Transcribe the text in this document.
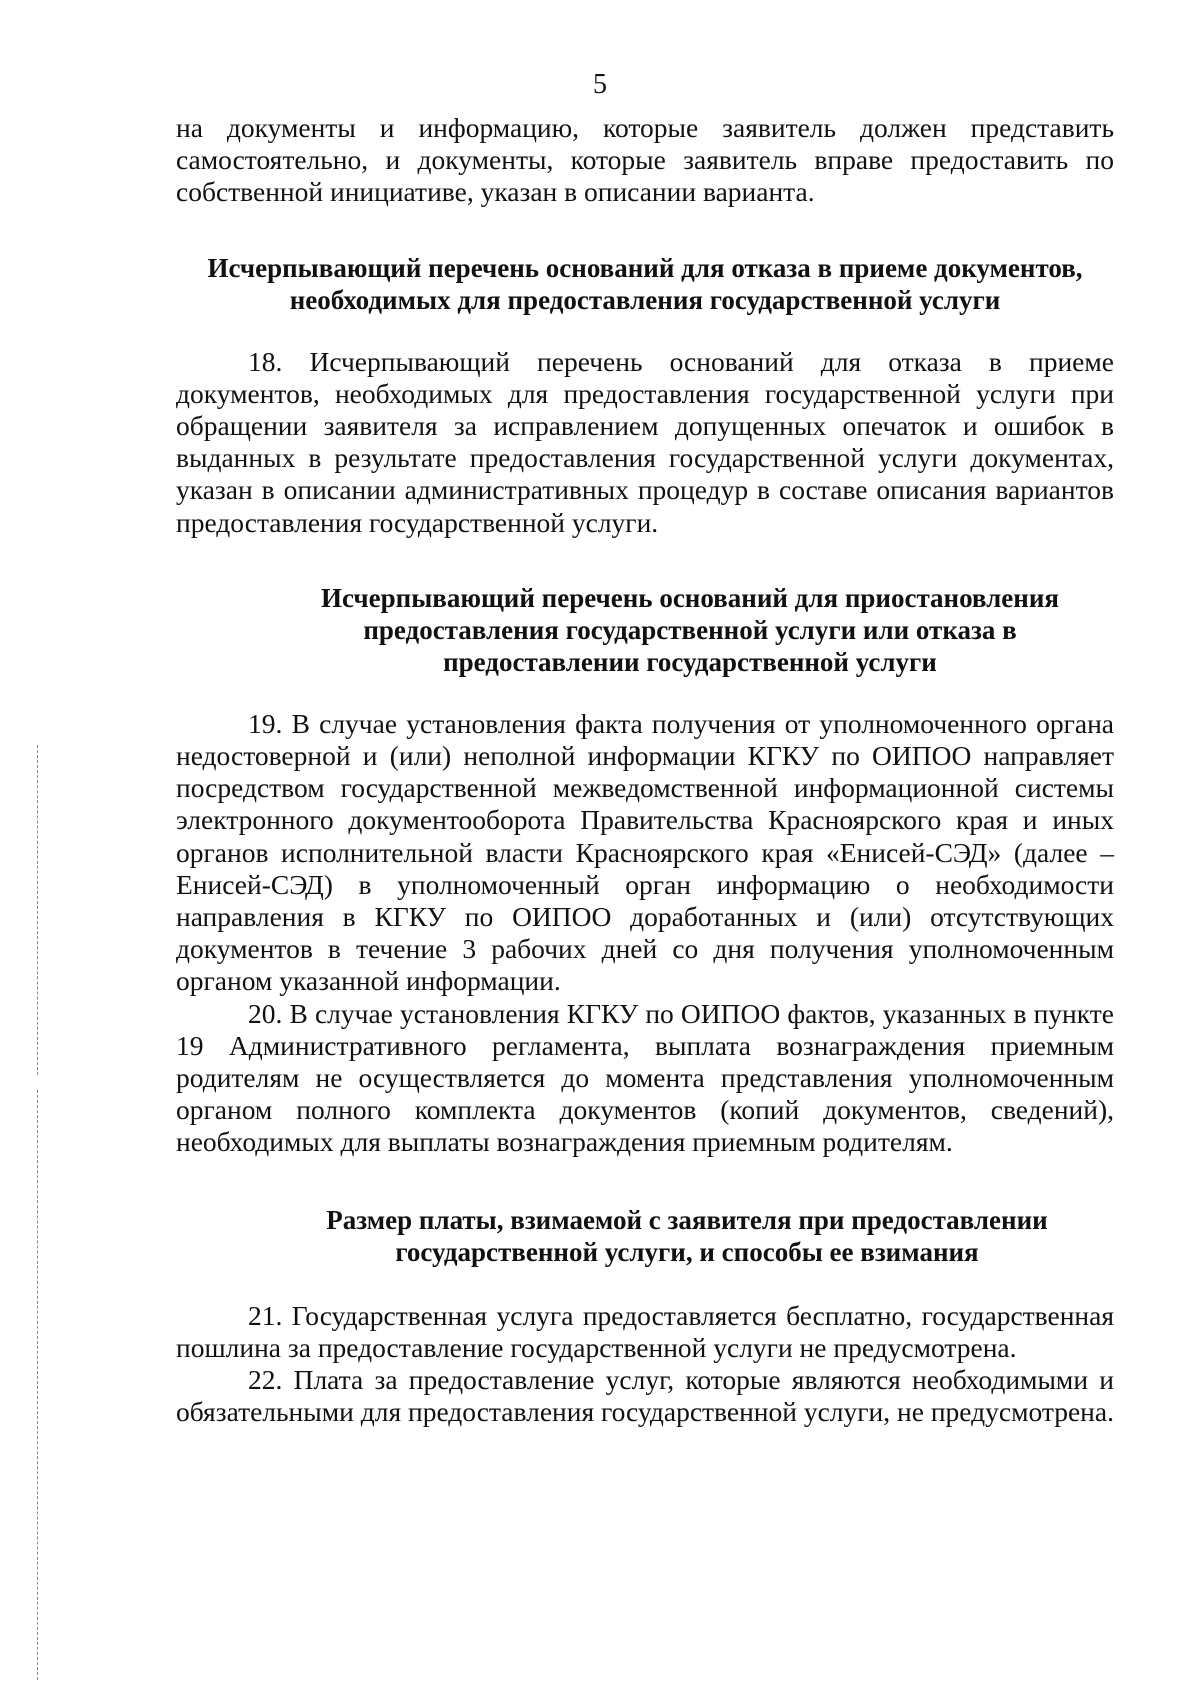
5

на документы и информацию, которые заявитель должен представить самостоятельно, и документы, которые заявитель вправе предоставить по собственной инициативе, указан в описании варианта.

Исчерпывающий перечень оснований для отказа в приеме документов, необходимых для предоставления государственной услуги

18. Исчерпывающий перечень оснований для отказа в приеме документов, необходимых для предоставления государственной услуги при обращении заявителя за исправлением допущенных опечаток и ошибок в выданных в результате предоставления государственной услуги документах, указан в описании административных процедур в составе описания вариантов предоставления государственной услуги.

Исчерпывающий перечень оснований для приостановления предоставления государственной услуги или отказа в предоставлении государственной услуги

19. В случае установления факта получения от уполномоченного органа недостоверной и (или) неполной информации КГКУ по ОИПОО направляет посредством государственной межведомственной информационной системы электронного документооборота Правительства Красноярского края и иных органов исполнительной власти Красноярского края «Енисей-СЭД» (далее – Енисей-СЭД) в уполномоченный орган информацию о необходимости направления в КГКУ по ОИПОО доработанных и (или) отсутствующих документов в течение 3 рабочих дней со дня получения уполномоченным органом указанной информации.

20. В случае установления КГКУ по ОИПОО фактов, указанных в пункте 19 Административного регламента, выплата вознаграждения приемным родителям не осуществляется до момента представления уполномоченным органом полного комплекта документов (копий документов, сведений), необходимых для выплаты вознаграждения приемным родителям.

Размер платы, взимаемой с заявителя при предоставлении государственной услуги, и способы ее взимания

21. Государственная услуга предоставляется бесплатно, государственная пошлина за предоставление государственной услуги не предусмотрена.

22. Плата за предоставление услуг, которые являются необходимыми и обязательными для предоставления государственной услуги, не предусмотрена.
